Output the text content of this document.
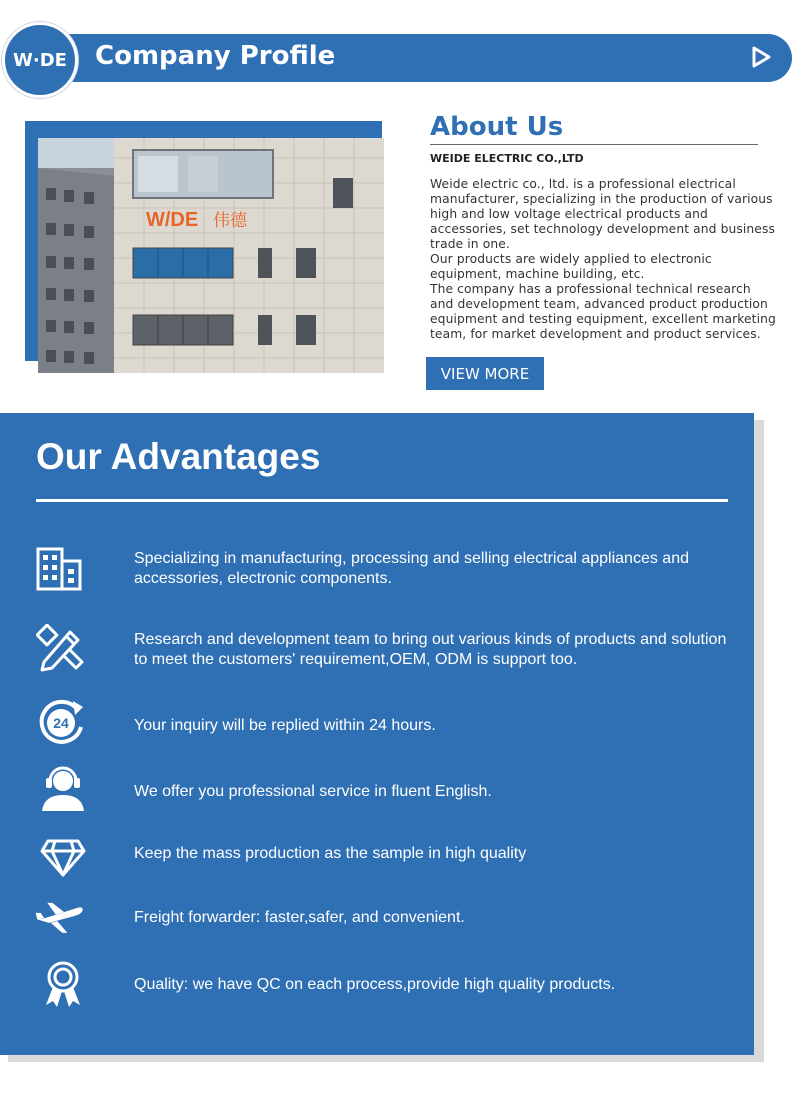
W·DE	Company Profile
W/DE 伟德
About Us
WEIDE ELECTRIC CO.,LTD

Weide electric co., ltd. is a professional electrical manufacturer, specializing in the production of various high and low voltage electrical products and accessories, set technology development and business trade in one.

Our products are widely applied to electronic equipment, machine building, etc.

The company has a professional technical research and development team, advanced product production equipment and testing equipment, excellent marketing team, for market development and product services.

VIEW MORE
Our Advantages
Specializing in manufacturing, processing and selling electrical appliances and accessories, electronic components.
Research and development team to bring out various kinds of products and solution to meet the customers' requirement,OEM, ODM is support too.
24	Your inquiry will be replied within 24 hours.
We offer you professional service in fluent English.
Keep the mass production as the sample in high quality
Freight forwarder: faster,safer, and convenient.
Quality: we have QC on each process,provide high quality products.
